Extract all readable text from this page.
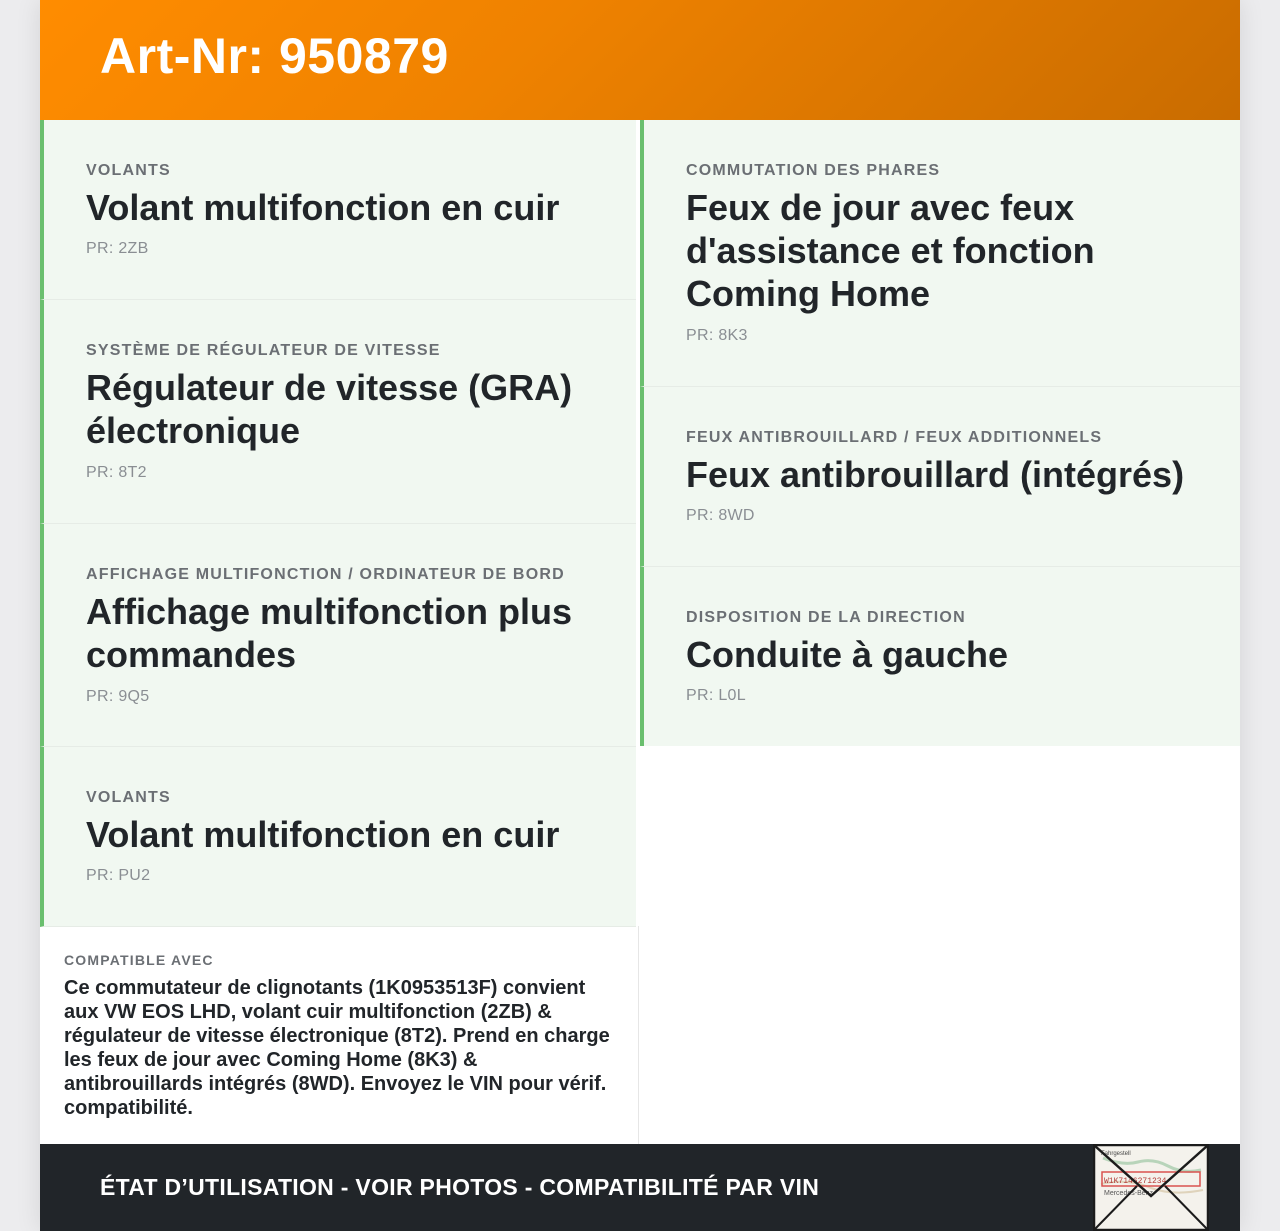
Art-Nr: 950879
VOLANTS
Volant multifonction en cuir
PR: 2ZB
SYSTÈME DE RÉGULATEUR DE VITESSE
Régulateur de vitesse (GRA) électronique
PR: 8T2
AFFICHAGE MULTIFONCTION / ORDINATEUR DE BORD
Affichage multifonction plus commandes
PR: 9Q5
VOLANTS
Volant multifonction en cuir
PR: PU2
COMMUTATION DES PHARES
Feux de jour avec feux d'assistance et fonction Coming Home
PR: 8K3
FEUX ANTIBROUILLARD / FEUX ADDITIONNELS
Feux antibrouillard (intégrés)
PR: 8WD
DISPOSITION DE LA DIRECTION
Conduite à gauche
PR: L0L
COMPATIBLE AVEC
Ce commutateur de clignotants (1K0953513F) convient aux VW EOS LHD, volant cuir multifonction (2ZB) & régulateur de vitesse électronique (8T2). Prend en charge les feux de jour avec Coming Home (8K3) & antibrouillards intégrés (8WD). Envoyez le VIN pour vérif. compatibilité.
ÉTAT D’UTILISATION - VOIR PHOTOS - COMPATIBILITÉ PAR VIN
Fahrgestell
W1K7146271234
Mercedes-Benz
